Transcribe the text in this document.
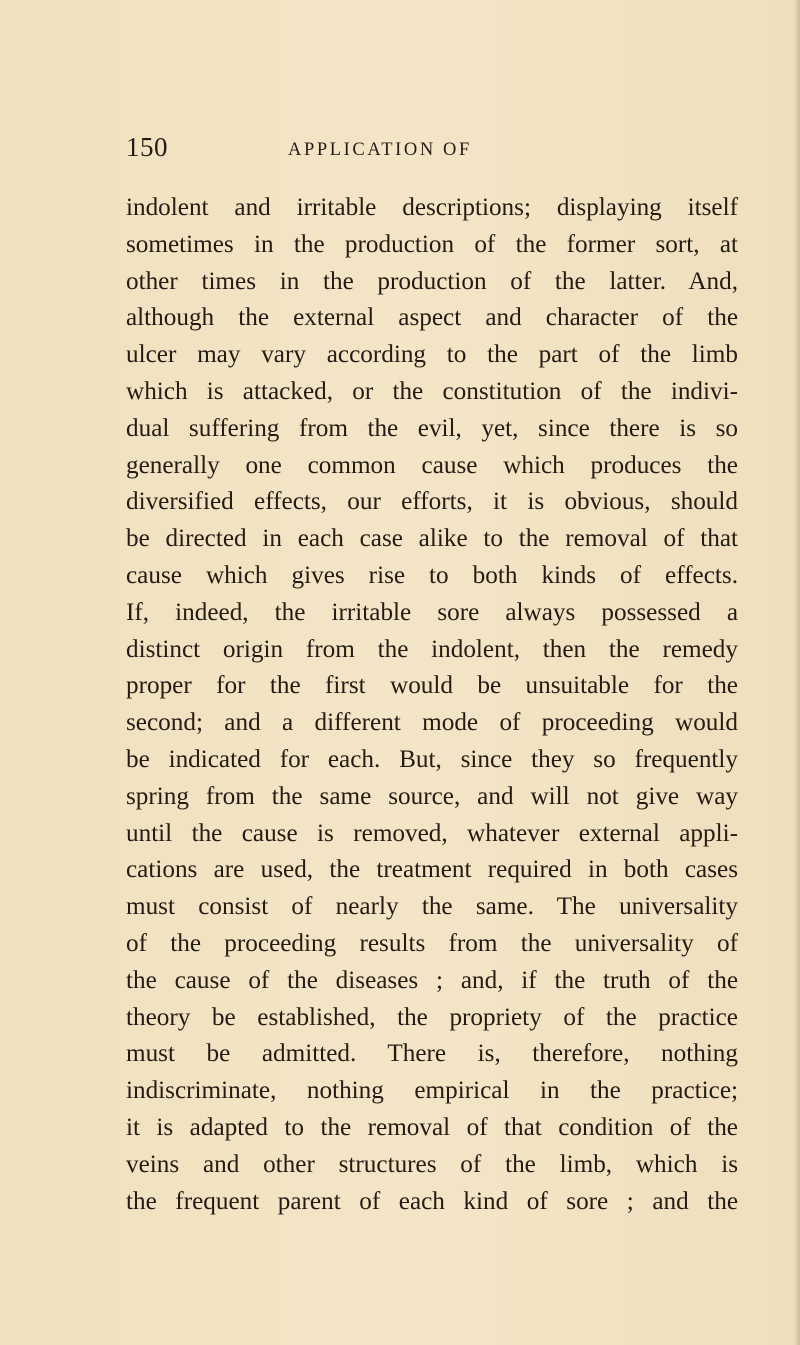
150	APPLICATION OF
indolent and irritable descriptions; displaying itself
sometimes in the production of the former sort, at
other times in the production of the latter. And,
although the external aspect and character of the
ulcer may vary according to the part of the limb
which is attacked, or the constitution of the indivi-
dual suffering from the evil, yet, since there is so
generally one common cause which produces the
diversified effects, our efforts, it is obvious, should
be directed in each case alike to the removal of that
cause which gives rise to both kinds of effects.
If, indeed, the irritable sore always possessed a
distinct origin from the indolent, then the remedy
proper for the first would be unsuitable for the
second; and a different mode of proceeding would
be indicated for each. But, since they so frequently
spring from the same source, and will not give way
until the cause is removed, whatever external appli-
cations are used, the treatment required in both cases
must consist of nearly the same. The universality
of the proceeding results from the universality of
the cause of the diseases ; and, if the truth of the
theory be established, the propriety of the practice
must be admitted. There is, therefore, nothing
indiscriminate, nothing empirical in the practice;
it is adapted to the removal of that condition of the
veins and other structures of the limb, which is
the frequent parent of each kind of sore ; and the
